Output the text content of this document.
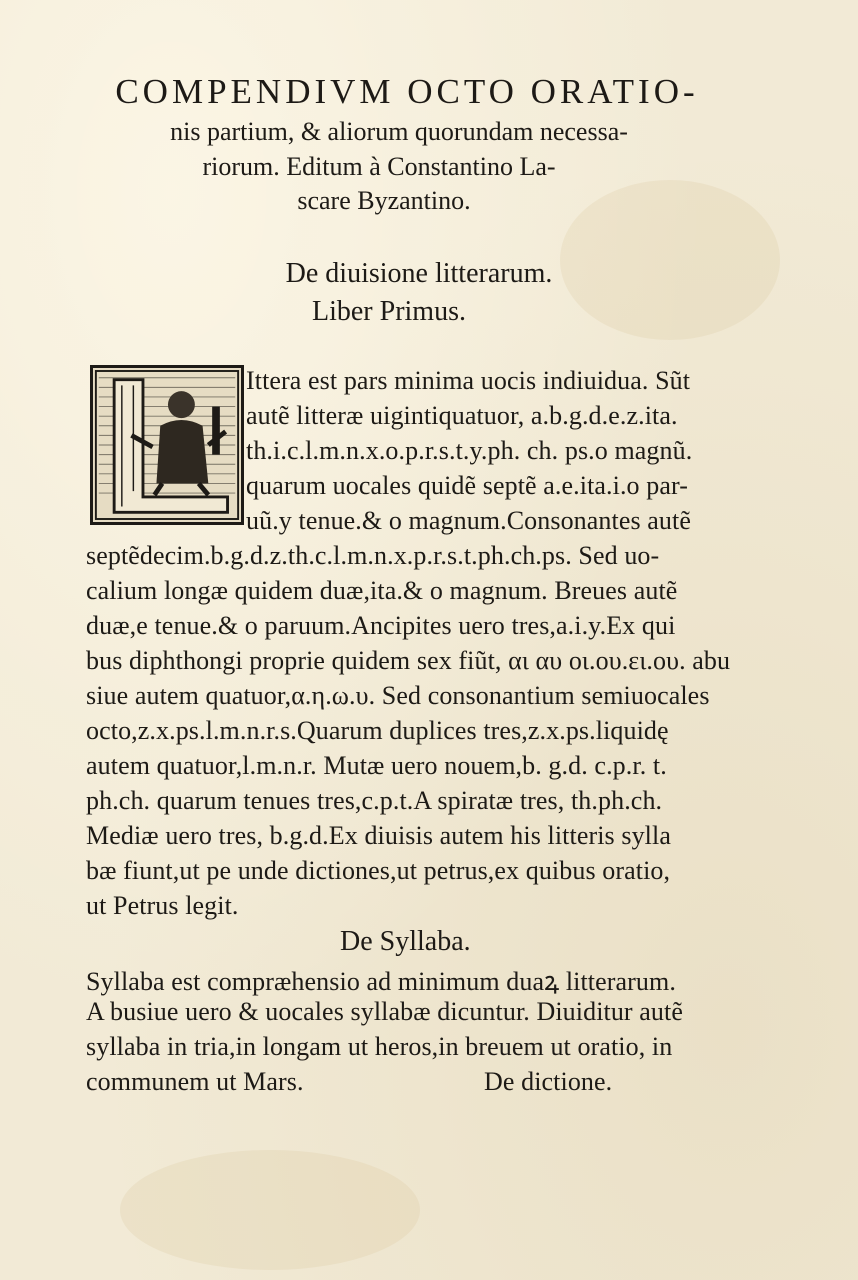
COMPENDIVM OCTO ORATIO-
nis partium, & aliorum quorundam necessa-
riorum. Editum à Constantino La-
scare Byzantino.
De diuisione litterarum.
Liber Primus.
Ittera est pars minima uocis indiuidua. Sũt
autẽ litteræ uigintiquatuor, a.b.g.d.e.z.ita.
th.i.c.l.m.n.x.o.p.r.s.t.y.ph. ch. ps.o magnũ.
quarum uocales quidẽ septẽ a.e.ita.i.o par-
uũ.y tenue.& o magnum.Consonantes autẽ
septẽdecim.b.g.d.z.th.c.l.m.n.x.p.r.s.t.ph.ch.ps. Sed uo-
calium longæ quidem duæ,ita.& o magnum. Breues autẽ
duæ,e tenue.& o paruum.Ancipites uero tres,a.i.y.Ex qui
bus diphthongi proprie quidem sex fiũt, αι αυ οι.ου.ει.ου. abu
siue autem quatuor,α.η.ω.υ. Sed consonantium semiuocales
octo,z.x.ps.l.m.n.r.s.Quarum duplices tres,z.x.ps.liquidę
autem quatuor,l.m.n.r. Mutæ uero nouem,b. g.d. c.p.r. t.
ph.ch. quarum tenues tres,c.p.t.A spiratæ tres, th.ph.ch.
Mediæ uero tres, b.g.d.Ex diuisis autem his litteris sylla
bæ fiunt,ut pe unde dictiones,ut petrus,ex quibus oratio,
ut Petrus legit.
De Syllaba.
Syllaba est compræhensio ad minimum duaꝝ litterarum.
A busiue uero & uocales syllabæ dicuntur. Diuiditur autẽ
syllaba in tria,in longam ut heros,in breuem ut oratio, in
communem ut Mars.	De dictione.
